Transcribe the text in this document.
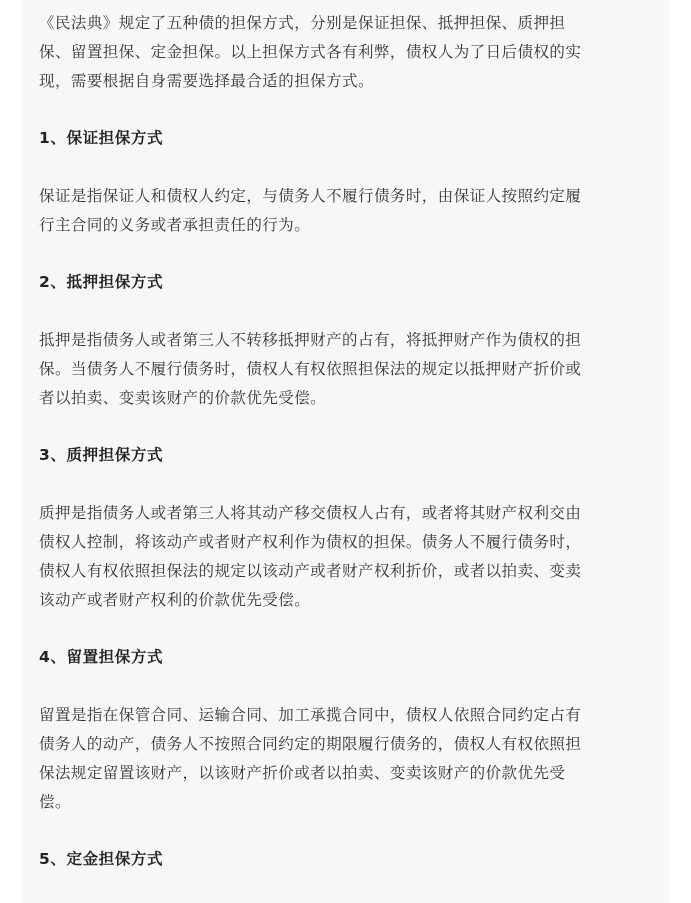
《民法典》规定了五种债的担保方式，分别是保证担保、抵押担保、质押担
保、留置担保、定金担保。以上担保方式各有利弊，债权人为了日后债权的实
现，需要根据自身需要选择最合适的担保方式。

1、保证担保方式

保证是指保证人和债权人约定，与债务人不履行债务时，由保证人按照约定履
行主合同的义务或者承担责任的行为。

2、抵押担保方式

抵押是指债务人或者第三人不转移抵押财产的占有，将抵押财产作为债权的担
保。当债务人不履行债务时，债权人有权依照担保法的规定以抵押财产折价或
者以拍卖、变卖该财产的价款优先受偿。

3、质押担保方式

质押是指债务人或者第三人将其动产移交债权人占有，或者将其财产权利交由
债权人控制，将该动产或者财产权利作为债权的担保。债务人不履行债务时，
债权人有权依照担保法的规定以该动产或者财产权利折价，或者以拍卖、变卖
该动产或者财产权利的价款优先受偿。

4、留置担保方式

留置是指在保管合同、运输合同、加工承揽合同中，债权人依照合同约定占有
债务人的动产，债务人不按照合同约定的期限履行债务的，债权人有权依照担
保法规定留置该财产，以该财产折价或者以拍卖、变卖该财产的价款优先受
偿。

5、定金担保方式
